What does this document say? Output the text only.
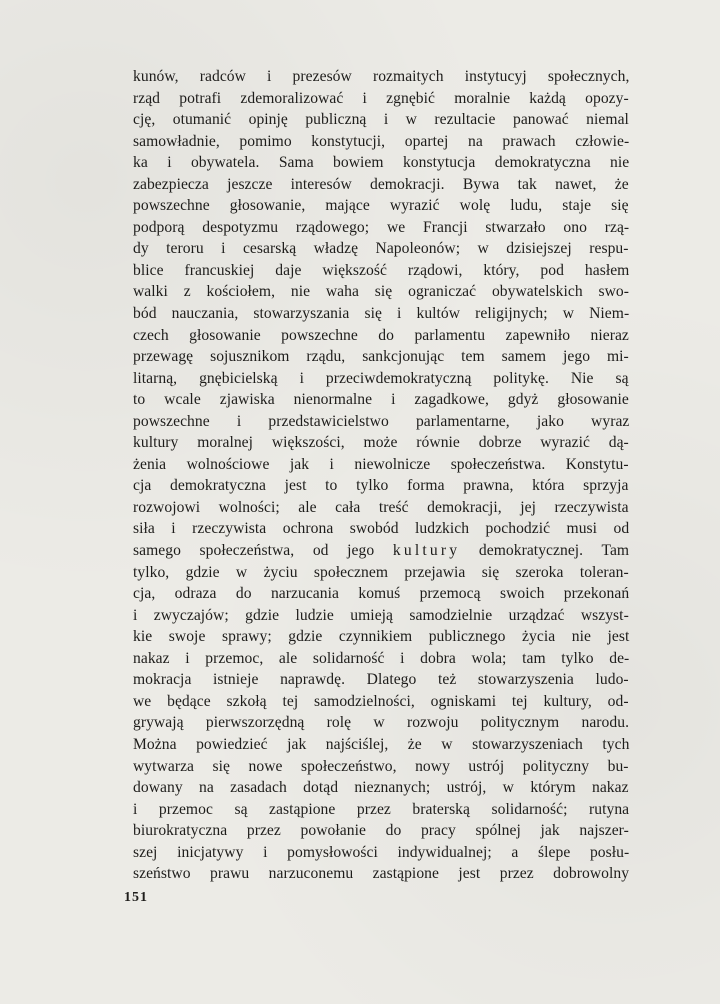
kunów, radców i prezesów rozmaitych instytucyj społecznych,
rząd potrafi zdemoralizować i zgnębić moralnie każdą opozy-
cję, otumanić opinję publiczną i w rezultacie panować niemal
samowładnie, pomimo konstytucji, opartej na prawach człowie-
ka i obywatela. Sama bowiem konstytucja demokratyczna nie
zabezpiecza jeszcze interesów demokracji. Bywa tak nawet, że
powszechne głosowanie, mające wyrazić wolę ludu, staje się
podporą despotyzmu rządowego; we Francji stwarzało ono rzą-
dy teroru i cesarską władzę Napoleonów; w dzisiejszej respu-
blice francuskiej daje większość rządowi, który, pod hasłem
walki z kościołem, nie waha się ograniczać obywatelskich swo-
bód nauczania, stowarzyszania się i kultów religijnych; w Niem-
czech głosowanie powszechne do parlamentu zapewniło nieraz
przewagę sojusznikom rządu, sankcjonując tem samem jego mi-
litarną, gnębicielską i przeciwdemokratyczną politykę. Nie są
to wcale zjawiska nienormalne i zagadkowe, gdyż głosowanie
powszechne i przedstawicielstwo parlamentarne, jako wyraz
kultury moralnej większości, może równie dobrze wyrazić dą-
żenia wolnościowe jak i niewolnicze społeczeństwa. Konstytu-
cja demokratyczna jest to tylko forma prawna, która sprzyja
rozwojowi wolności; ale cała treść demokracji, jej rzeczywista
siła i rzeczywista ochrona swobód ludzkich pochodzić musi od
samego społeczeństwa, od jego kultury demokratycznej. Tam
tylko, gdzie w życiu społecznem przejawia się szeroka toleran-
cja, odraza do narzucania komuś przemocą swoich przekonań
i zwyczajów; gdzie ludzie umieją samodzielnie urządzać wszyst-
kie swoje sprawy; gdzie czynnikiem publicznego życia nie jest
nakaz i przemoc, ale solidarność i dobra wola; tam tylko de-
mokracja istnieje naprawdę. Dlatego też stowarzyszenia ludo-
we będące szkołą tej samodzielności, ogniskami tej kultury, od-
grywają pierwszorzędną rolę w rozwoju politycznym narodu.
Można powiedzieć jak najściślej, że w stowarzyszeniach tych
wytwarza się nowe społeczeństwo, nowy ustrój polityczny bu-
dowany na zasadach dotąd nieznanych; ustrój, w którym nakaz
i przemoc są zastąpione przez braterską solidarność; rutyna
biurokratyczna przez powołanie do pracy spólnej jak najszer-
szej inicjatywy i pomysłowości indywidualnej; a ślepe posłu-
szeństwo prawu narzuconemu zastąpione jest przez dobrowolny
151
